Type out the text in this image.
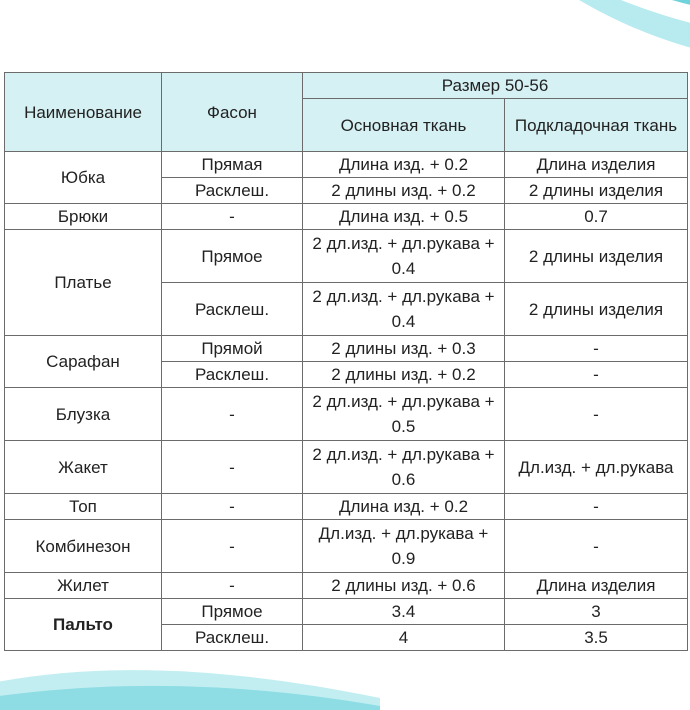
Наименование	Фасон	Размер 50-56	
		Основная ткань	Подкладочная ткань
Юбка	Прямая	Длина изд. + 0.2	Длина изделия
	Расклеш.	2 длины изд. + 0.2	2 длины изделия
Брюки	-	Длина изд. + 0.5	0.7
Платье	Прямое	2 дл.изд. + дл.рукава + 0.4	2 длины изделия
	Расклеш.	2 дл.изд. + дл.рукава + 0.4	2 длины изделия
Сарафан	Прямой	2 длины изд. + 0.3	-
	Расклеш.	2 длины изд. + 0.2	-
Блузка	-	2 дл.изд. + дл.рукава + 0.5	-
Жакет	-	2 дл.изд. + дл.рукава + 0.6	Дл.изд. + дл.рукава
Топ	-	Длина изд. + 0.2	-
Комбинезон	-	Дл.изд. + дл.рукава + 0.9	-
Жилет	-	2 длины изд. + 0.6	Длина изделия
Пальто	Прямое	3.4	3
	Расклеш.	4	3.5
